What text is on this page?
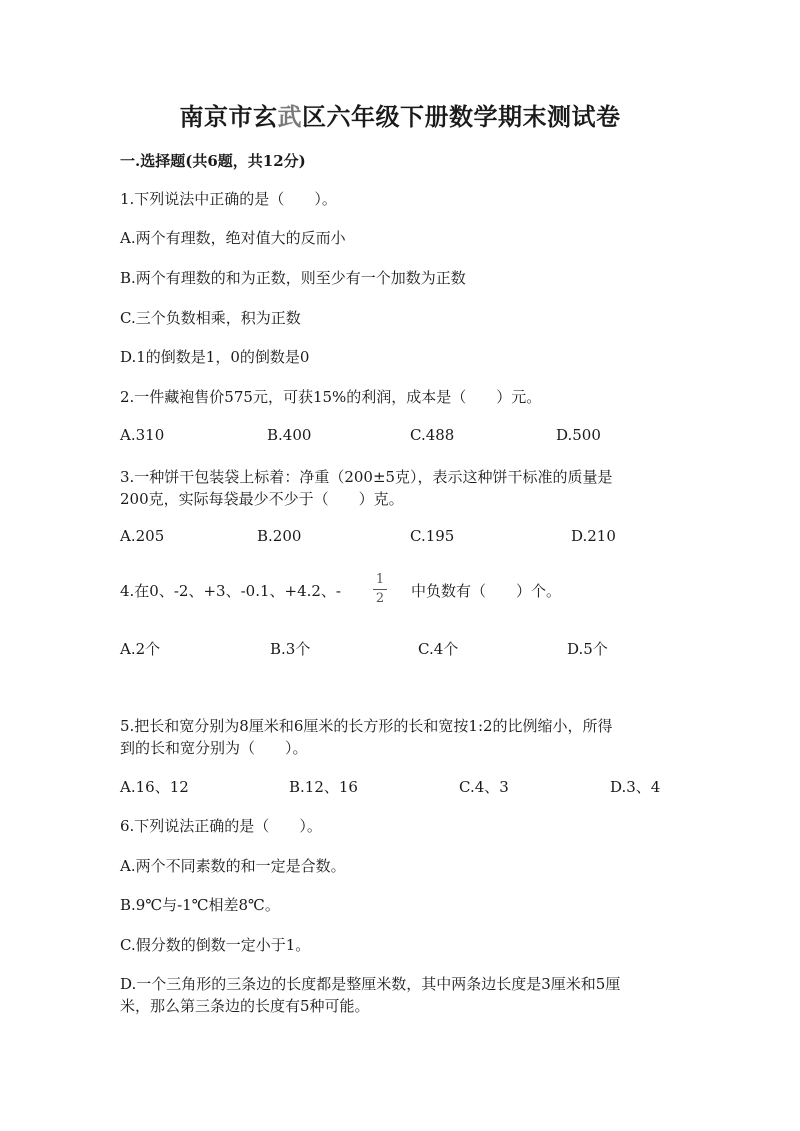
南京市玄武区六年级下册数学期末测试卷
一.选择题(共6题，共12分)
1.下列说法中正确的是（　　）。
A.两个有理数，绝对值大的反而小
B.两个有理数的和为正数，则至少有一个加数为正数
C.三个负数相乘，积为正数
D.1的倒数是1，0的倒数是0
2.一件藏袍售价575元，可获15%的利润，成本是（　　）元。
A.310	B.400	C.488	D.500
3.一种饼干包装袋上标着：净重（200±5克），表示这种饼干标准的质量是
200克，实际每袋最少不少于（　　）克。
A.205	B.200	C.195	D.210
4.在0、-2、+3、-0.1、+4.2、-
1
2 中负数有（　　）个。
A.2个	B.3个	C.4个	D.5个
5.把长和宽分别为8厘米和6厘米的长方形的长和宽按1:2的比例缩小，所得
到的长和宽分别为（　　）。
A.16、12	B.12、16	C.4、3	D.3、4
6.下列说法正确的是（　　）。
A.两个不同素数的和一定是合数。
B.9℃与-1℃相差8℃。
C.假分数的倒数一定小于1。
D.一个三角形的三条边的长度都是整厘米数，其中两条边长度是3厘米和5厘
米，那么第三条边的长度有5种可能。
